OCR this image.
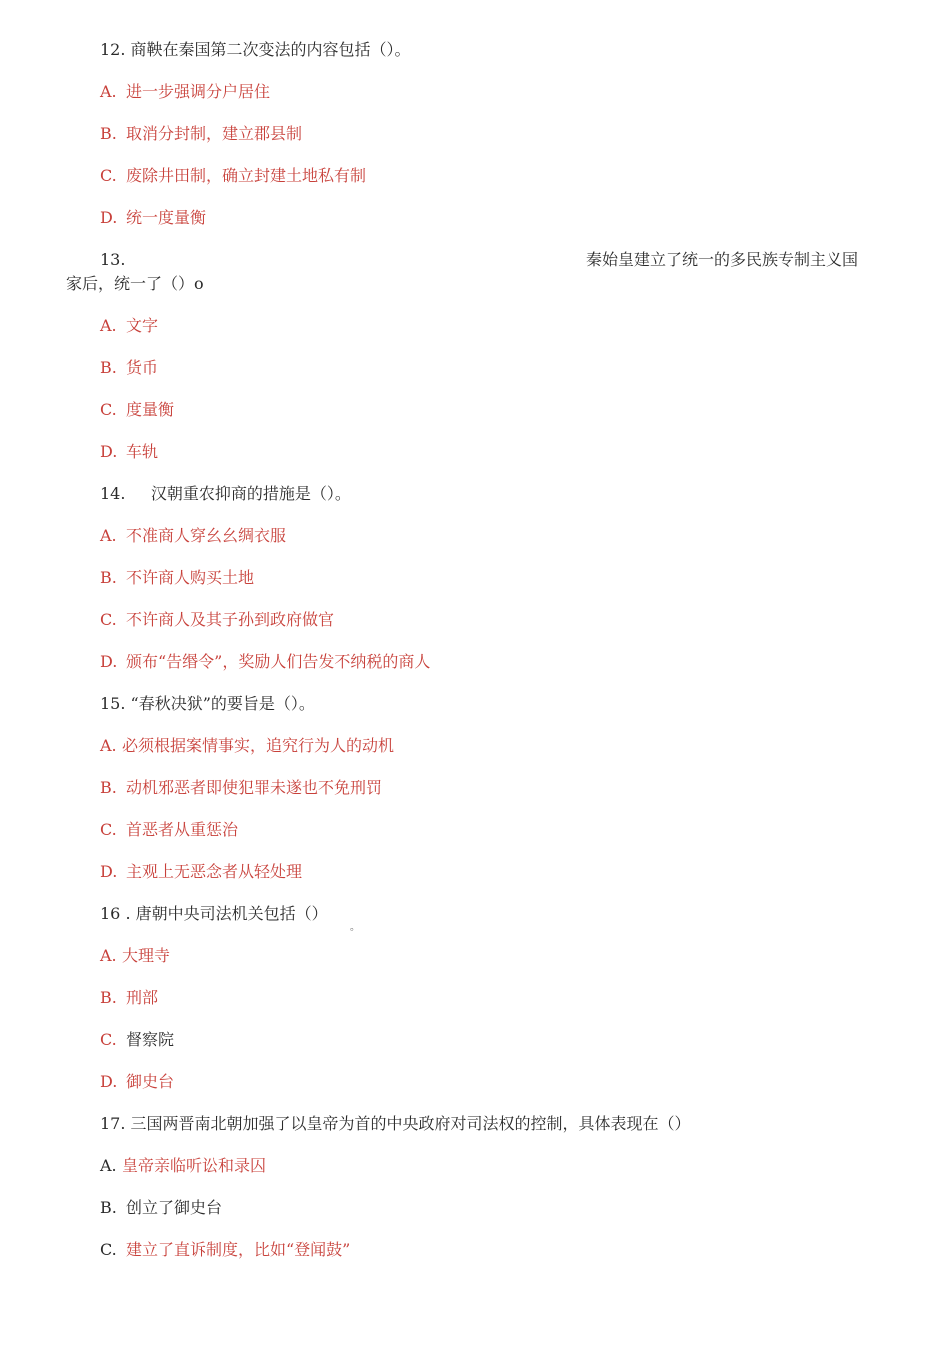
12. 商鞅在秦国第二次变法的内容包括（）。
A. 进一步强调分户居住
B. 取消分封制，建立郡县制
C. 废除井田制，确立封建土地私有制
D. 统一度量衡
13.	秦始皇建立了统一的多民族专制主义国
家后，统一了（）o
A. 文字
B. 货币
C. 度量衡
D. 车轨
14.     汉朝重农抑商的措施是（）。
A. 不准商人穿幺幺绸衣服
B. 不许商人购买土地
C. 不许商人及其子孙到政府做官
D. 颁布“告缗令”，奖励人们告发不纳税的商人
15. “春秋决狱”的要旨是（）。
A. 必须根据案情事实，追究行为人的动机
B. 动机邪恶者即使犯罪未遂也不免刑罚
C. 首恶者从重惩治
D. 主观上无恶念者从轻处理
16 . 唐朝中央司法机关包括（）
。
A. 大理寺
B. 刑部
C. 督察院
D. 御史台
17. 三国两晋南北朝加强了以皇帝为首的中央政府对司法权的控制，具体表现在（）
A. 皇帝亲临听讼和录囚
B. 创立了御史台
C. 建立了直诉制度，比如“登闻鼓”
